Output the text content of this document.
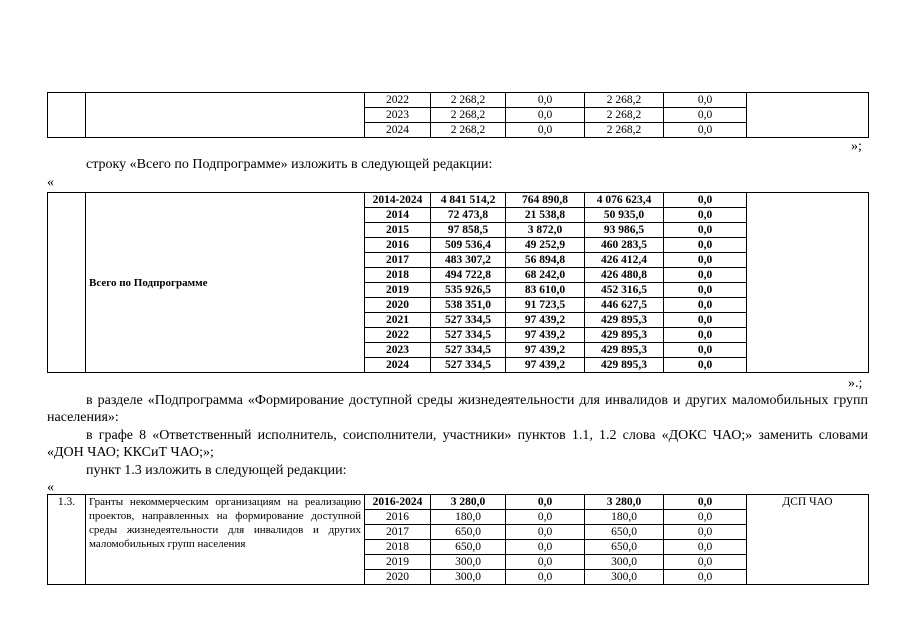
		2022	2 268,2	0,0	2 268,2	0,0	
		2023	2 268,2	0,0	2 268,2	0,0	
		2024	2 268,2	0,0	2 268,2	0,0	
»;
строку «Всего по Подпрограмме» изложить в следующей редакции:
«
	Всего по Подпрограмме	2014-2024	4 841 514,2	764 890,8	4 076 623,4	0,0	
		2014	72 473,8	21 538,8	50 935,0	0,0	
		2015	97 858,5	3 872,0	93 986,5	0,0	
		2016	509 536,4	49 252,9	460 283,5	0,0	
		2017	483 307,2	56 894,8	426 412,4	0,0	
		2018	494 722,8	68 242,0	426 480,8	0,0	
		2019	535 926,5	83 610,0	452 316,5	0,0	
		2020	538 351,0	91 723,5	446 627,5	0,0	
		2021	527 334,5	97 439,2	429 895,3	0,0	
		2022	527 334,5	97 439,2	429 895,3	0,0	
		2023	527 334,5	97 439,2	429 895,3	0,0	
		2024	527 334,5	97 439,2	429 895,3	0,0	
».;
в разделе «Подпрограмма «Формирование доступной среды жизнедеятельности для инвалидов и других маломобильных групп населения»:
в графе 8 «Ответственный исполнитель, соисполнители, участники» пунктов 1.1, 1.2 слова «ДОКС ЧАО;» заменить словами «ДОН ЧАО; ККСиТ ЧАО;»;
пункт 1.3 изложить в следующей редакции:
«
1.3.	Гранты некоммерческим организациям на реализацию проектов, направленных на формирование доступной среды жизнедеятельности для инвалидов и других маломобильных групп населения	2016-2024	3 280,0	0,0	3 280,0	0,0	ДСП ЧАО
		2016	180,0	0,0	180,0	0,0	
		2017	650,0	0,0	650,0	0,0	
		2018	650,0	0,0	650,0	0,0	
		2019	300,0	0,0	300,0	0,0	
		2020	300,0	0,0	300,0	0,0	
